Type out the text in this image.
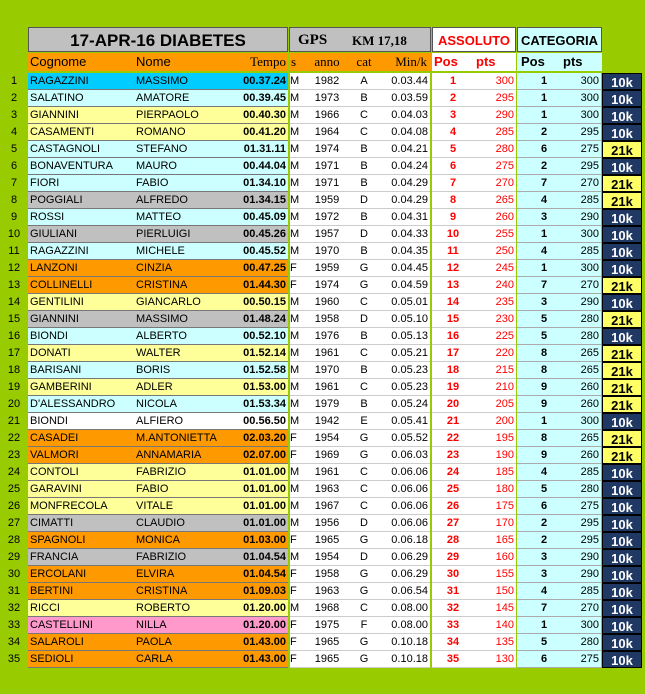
17-APR-16 DIABETES	GPS KM 17,18	ASSOLUTO CATEGORIA
Cognome	Nome	Tempo s	anno	cat	Min/k Pos	pts	Pos	pts
1	RAGAZZINI	MASSIMO	00.37.24 M	1982	A	0.03.44	1	300	1	300 10k
2	SALATINO	AMATORE	00.39.45 M	1973	B	0.03.59	2	295	1	300 10k
3	GIANNINI	PIERPAOLO	00.40.30 M	1966	C	0.04.03	3	290	1	300 10k
4	CASAMENTI	ROMANO	00.41.20 M	1964	C	0.04.08	4	285	2	295 10k
5	CASTAGNOLI	STEFANO	01.31.11 M	1974	B	0.04.21	5	280	6	275 21k
6	BONAVENTURA	MAURO	00.44.04 M	1971	B	0.04.24	6	275	2	295 10k
7	FIORI	FABIO	01.34.10 M	1971	B	0.04.29	7	270	7	270 21k
8	POGGIALI	ALFREDO	01.34.15 M	1959	D	0.04.29	8	265	4	285 21k
9	ROSSI	MATTEO	00.45.09 M	1972	B	0.04.31	9	260	3	290 10k
10 GIULIANI	PIERLUIGI	00.45.26 M	1957	D	0.04.33	10	255	1	300 10k
11 RAGAZZINI	MICHELE	00.45.52 M	1970	B	0.04.35	11	250	4	285 10k
12 LANZONI	CINZIA	00.47.25 F	1959	G	0.04.45	12	245	1	300 10k
13 COLLINELLI	CRISTINA	01.44.30 F	1974	G	0.04.59	13	240	7	270 21k
14 GENTILINI	GIANCARLO	00.50.15 M	1960	C	0.05.01	14	235	3	290 10k
15 GIANNINI	MASSIMO	01.48.24 M	1958	D	0.05.10	15	230	5	280 21k
16 BIONDI	ALBERTO	00.52.10 M	1976	B	0.05.13	16	225	5	280 10k
17 DONATI	WALTER	01.52.14 M	1961	C	0.05.21	17	220	8	265 21k
18 BARISANI	BORIS	01.52.58 M	1970	B	0.05.23	18	215	8	265 21k
19 GAMBERINI	ADLER	01.53.00 M	1961	C	0.05.23	19	210	9	260 21k
20 D'ALESSANDRO	NICOLA	01.53.34 M	1979	B	0.05.24	20	205	9	260 21k
21 BIONDI	ALFIERO	00.56.50 M	1942	E	0.05.41	21	200	1	300 10k
22 CASADEI	M.ANTONIETTA	02.03.20 F	1954	G	0.05.52	22	195	8	265 21k
23 VALMORI	ANNAMARIA	02.07.00 F	1969	G	0.06.03	23	190	9	260 21k
24 CONTOLI	FABRIZIO	01.01.00 M	1961	C	0.06.06	24	185	4	285 10k
25 GARAVINI	FABIO	01.01.00 M	1963	C	0.06.06	25	180	5	280 10k
26 MONFRECOLA	VITALE	01.01.00 M	1967	C	0.06.06	26	175	6	275 10k
27 CIMATTI	CLAUDIO	01.01.00 M	1956	D	0.06.06	27	170	2	295 10k
28 SPAGNOLI	MONICA	01.03.00 F	1965	G	0.06.18	28	165	2	295 10k
29 FRANCIA	FABRIZIO	01.04.54 M	1954	D	0.06.29	29	160	3	290 10k
30 ERCOLANI	ELVIRA	01.04.54 F	1958	G	0.06.29	30	155	3	290 10k
31 BERTINI	CRISTINA	01.09.03 F	1963	G	0.06.54	31	150	4	285 10k
32 RICCI	ROBERTO	01.20.00 M	1968	C	0.08.00	32	145	7	270 10k
33 CASTELLINI	NILLA	01.20.00 F	1975	F	0.08.00	33	140	1	300 10k
34 SALAROLI	PAOLA	01.43.00 F	1965	G	0.10.18	34	135	5	280 10k
35 SEDIOLI	CARLA	01.43.00 F	1965	G	0.10.18	35	130	6	275 10k
